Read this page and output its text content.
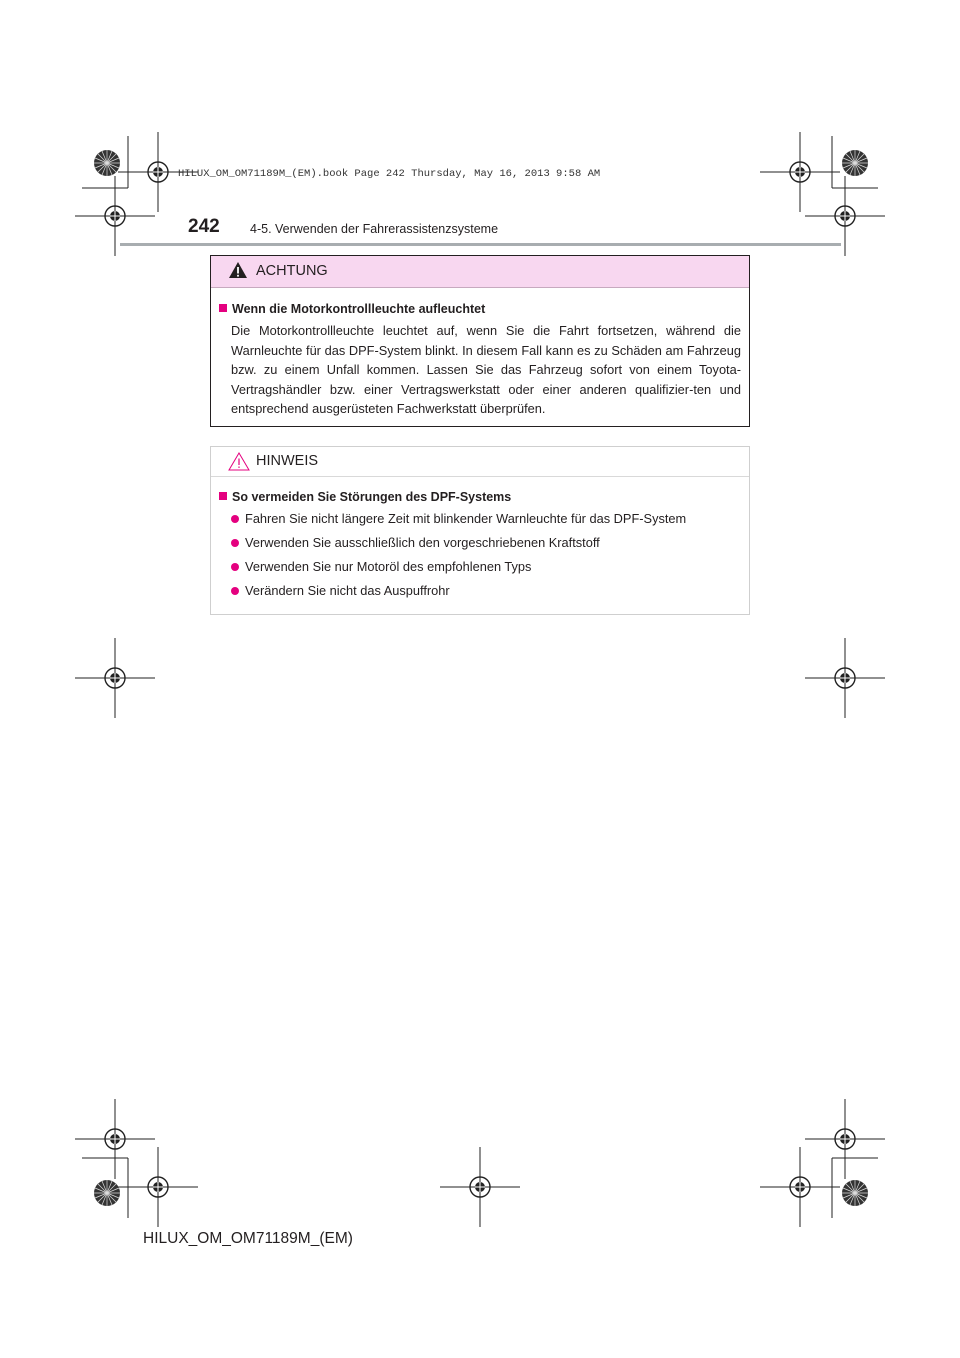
HILUX_OM_OM71189M_(EM).book Page 242 Thursday, May 16, 2013 9:58 AM
242 4-5. Verwenden der Fahrerassistenzsysteme
ACHTUNG
Wenn die Motorkontrollleuchte aufleuchtet
Die Motorkontrollleuchte leuchtet auf, wenn Sie die Fahrt fortsetzen, während die Warnleuchte für das DPF-System blinkt. In diesem Fall kann es zu Schäden am Fahrzeug bzw. zu einem Unfall kommen. Lassen Sie das Fahrzeug sofort von einem Toyota-Vertragshändler bzw. einer Vertragswerkstatt oder einer anderen qualifizier-ten und entsprechend ausgerüsteten Fachwerkstatt überprüfen.
HINWEIS
So vermeiden Sie Störungen des DPF-Systems
Fahren Sie nicht längere Zeit mit blinkender Warnleuchte für das DPF-System
Verwenden Sie ausschließlich den vorgeschriebenen Kraftstoff
Verwenden Sie nur Motoröl des empfohlenen Typs
Verändern Sie nicht das Auspuffrohr
HILUX_OM_OM71189M_(EM)
